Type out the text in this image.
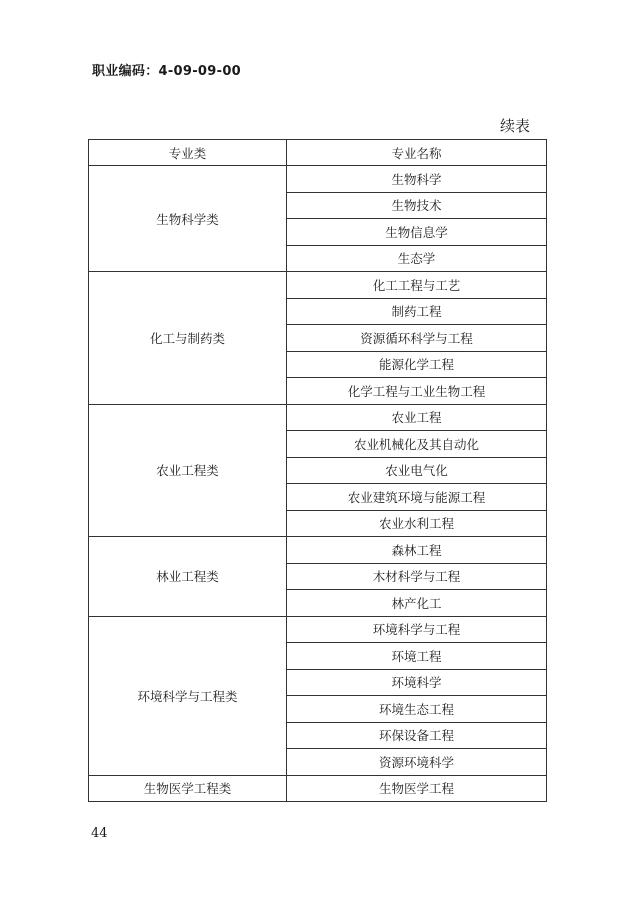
职业编码：4-09-09-00
续表
专业类	专业名称
生物科学类	生物科学
	生物技术
	生物信息学
	生态学
化工与制药类	化工工程与工艺
	制药工程
	资源循环科学与工程
	能源化学工程
	化学工程与工业生物工程
农业工程类	农业工程
	农业机械化及其自动化
	农业电气化
	农业建筑环境与能源工程
	农业水利工程
林业工程类	森林工程
	木材科学与工程
	林产化工
环境科学与工程类	环境科学与工程
	环境工程
	环境科学
	环境生态工程
	环保设备工程
	资源环境科学
生物医学工程类	生物医学工程
44
